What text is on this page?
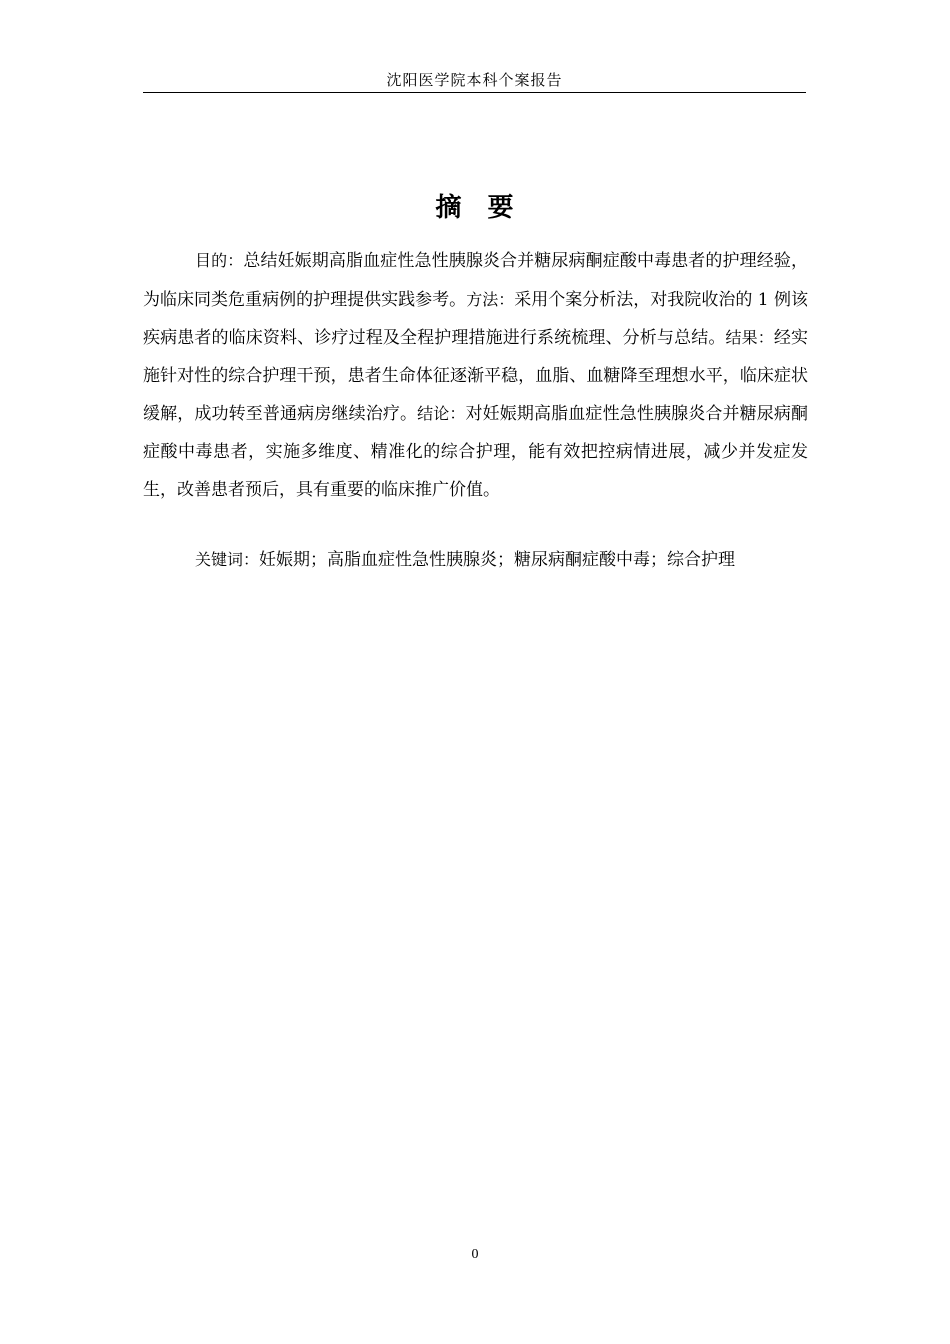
沈阳医学院本科个案报告
摘要

目的：总结妊娠期高脂血症性急性胰腺炎合并糖尿病酮症酸中毒患者的护理经验，为临床同类危重病例的护理提供实践参考。方法：采用个案分析法，对我院收治的 1 例该疾病患者的临床资料、诊疗过程及全程护理措施进行系统梳理、分析与总结。结果：经实施针对性的综合护理干预，患者生命体征逐渐平稳，血脂、血糖降至理想水平，临床症状缓解，成功转至普通病房继续治疗。结论：对妊娠期高脂血症性急性胰腺炎合并糖尿病酮症酸中毒患者，实施多维度、精准化的综合护理，能有效把控病情进展，减少并发症发生，改善患者预后，具有重要的临床推广价值。

关键词：妊娠期；高脂血症性急性胰腺炎；糖尿病酮症酸中毒；综合护理

0
